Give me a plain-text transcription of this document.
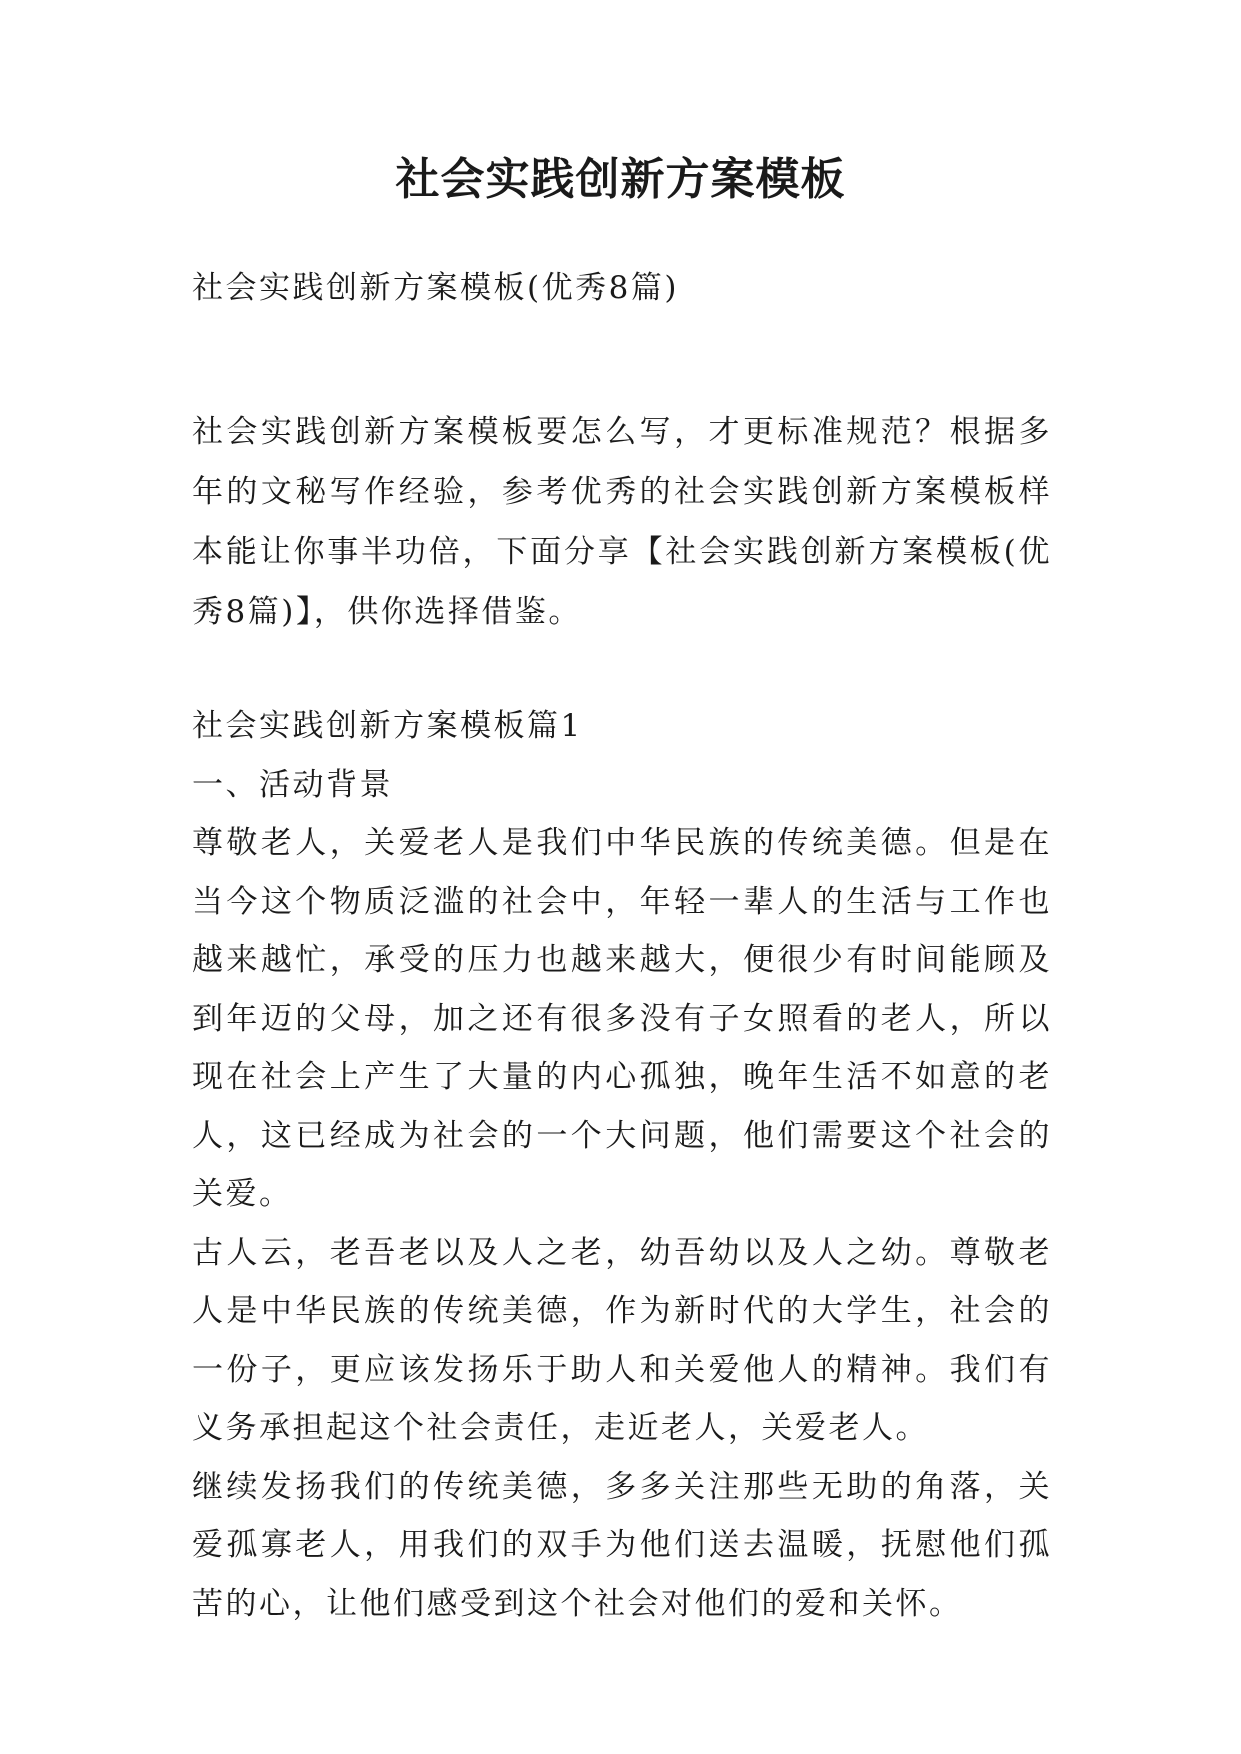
社会实践创新方案模板

社会实践创新方案模板(优秀8篇)

社会实践创新方案模板要怎么写，才更标准规范？根据多年的文秘写作经验，参考优秀的社会实践创新方案模板样本能让你事半功倍，下面分享【社会实践创新方案模板(优秀8篇)】，供你选择借鉴。

社会实践创新方案模板篇1

一、活动背景

尊敬老人，关爱老人是我们中华民族的传统美德。但是在当今这个物质泛滥的社会中，年轻一辈人的生活与工作也越来越忙，承受的压力也越来越大，便很少有时间能顾及到年迈的父母，加之还有很多没有子女照看的老人，所以现在社会上产生了大量的内心孤独，晚年生活不如意的老人，这已经成为社会的一个大问题，他们需要这个社会的关爱。

古人云，老吾老以及人之老，幼吾幼以及人之幼。尊敬老人是中华民族的传统美德，作为新时代的大学生，社会的一份子，更应该发扬乐于助人和关爱他人的精神。我们有义务承担起这个社会责任，走近老人，关爱老人。

继续发扬我们的传统美德，多多关注那些无助的角落，关爱孤寡老人，用我们的双手为他们送去温暖，抚慰他们孤苦的心，让他们感受到这个社会对他们的爱和关怀。
